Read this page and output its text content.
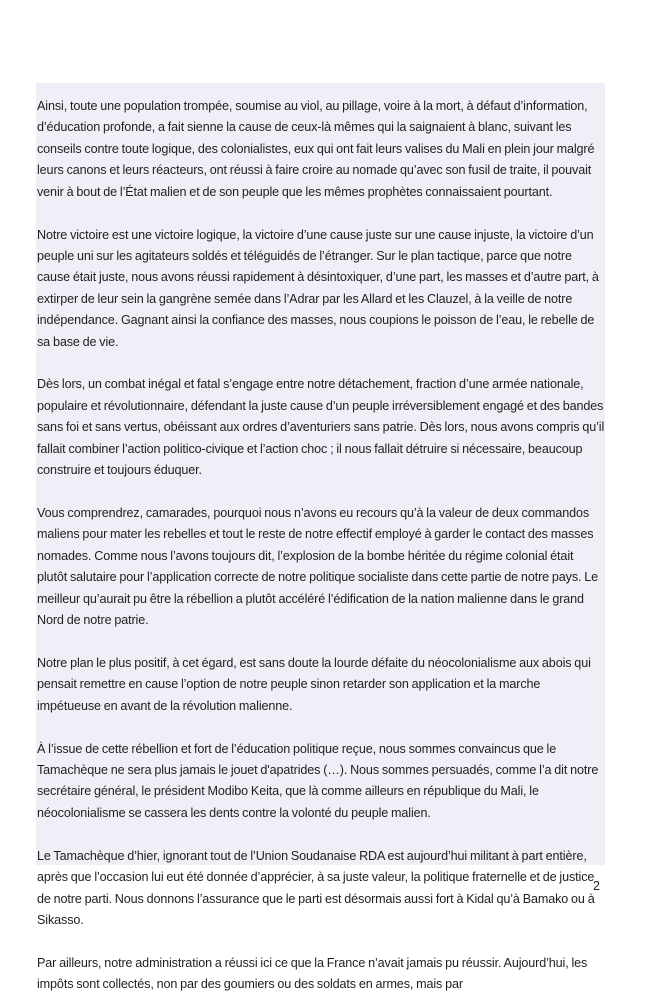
Ainsi, toute une population trompée, soumise au viol, au pillage, voire à la mort, à défaut d’information, d’éducation profonde, a fait sienne la cause de ceux-là mêmes qui la saignaient à blanc, suivant les conseils contre toute logique, des colonialistes, eux qui ont fait leurs valises du Mali en plein jour malgré leurs canons et leurs réacteurs, ont réussi à faire croire au nomade qu’avec son fusil de traite, il pouvait venir à bout de l’État malien et de son peuple que les mêmes prophètes connaissaient pourtant.

Notre victoire est une victoire logique, la victoire d’une cause juste sur une cause injuste, la victoire d’un peuple uni sur les agitateurs soldés et téléguidés de l’étranger. Sur le plan tactique, parce que notre cause était juste, nous avons réussi rapidement à désintoxiquer, d’une part, les masses et d’autre part, à extirper de leur sein la gangrène semée dans l’Adrar par les Allard et les Clauzel, à la veille de notre indépendance. Gagnant ainsi la confiance des masses, nous coupions le poisson de l’eau, le rebelle de sa base de vie.

Dès lors, un combat inégal et fatal s’engage entre notre détachement, fraction d’une armée nationale, populaire et révolutionnaire, défendant la juste cause d’un peuple irréversiblement engagé et des bandes sans foi et sans vertus, obéissant aux ordres d’aventuriers sans patrie. Dès lors, nous avons compris qu’il fallait combiner l’action politico-civique et l’action choc ; il nous fallait détruire si nécessaire, beaucoup construire et toujours éduquer.

Vous comprendrez, camarades, pourquoi nous n’avons eu recours qu’à la valeur de deux commandos maliens pour mater les rebelles et tout le reste de notre effectif employé à garder le contact des masses nomades. Comme nous l’avons toujours dit, l’explosion de la bombe héritée du régime colonial était plutôt salutaire pour l’application correcte de notre politique socialiste dans cette partie de notre pays. Le meilleur qu’aurait pu être la rébellion a plutôt accéléré l’édification de la nation malienne dans le grand Nord de notre patrie.

Notre plan le plus positif, à cet égard, est sans doute la lourde défaite du néocolonialisme aux abois qui pensait remettre en cause l’option de notre peuple sinon retarder son application et la marche impétueuse en avant de la révolution malienne.

À l’issue de cette rébellion et fort de l’éducation politique reçue, nous sommes convaincus que le Tamachèque ne sera plus jamais le jouet d'apatrides (…). Nous sommes persuadés, comme l’a dit notre secrétaire général, le président Modibo Keita, que là comme ailleurs en république du Mali, le néocolonialisme se cassera les dents contre la volonté du peuple malien.

Le Tamachèque d’hier, ignorant tout de l’Union Soudanaise RDA est aujourd’hui militant à part entière, après que l’occasion lui eut été donnée d’apprécier, à sa juste valeur, la politique fraternelle et de justice de notre parti. Nous donnons l’assurance que le parti est désormais aussi fort à Kidal qu’à Bamako ou à Sikasso.

Par ailleurs, notre administration a réussi ici ce que la France n’avait jamais pu réussir. Aujourd’hui, les impôts sont collectés, non par des goumiers ou des soldats en armes, mais par

2
